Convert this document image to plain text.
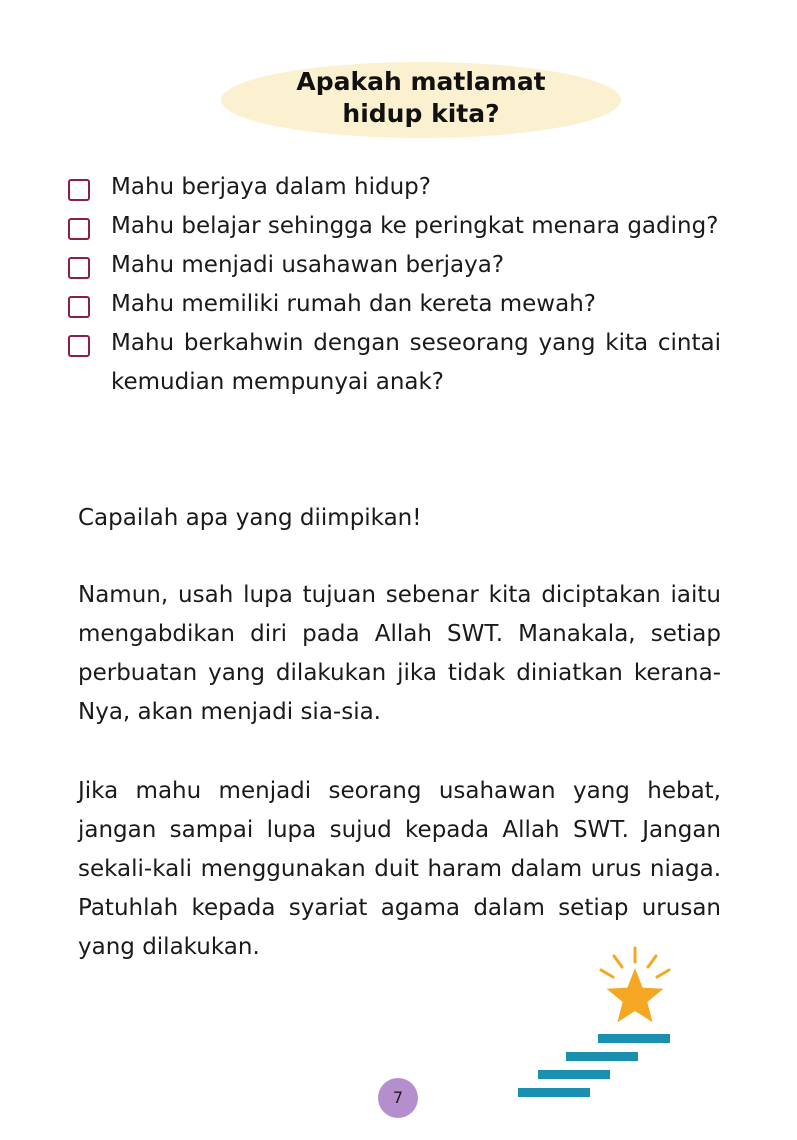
Apakah matlamat
hidup kita?
Mahu berjaya dalam hidup?
Mahu belajar sehingga ke peringkat menara gading?
Mahu menjadi usahawan berjaya?
Mahu memiliki rumah dan kereta mewah?
Mahu berkahwin dengan seseorang yang kita cintai kemudian mempunyai anak?

Capailah apa yang diimpikan!

Namun, usah lupa tujuan sebenar kita diciptakan iaitu mengabdikan diri pada Allah SWT. Manakala, setiap perbuatan yang dilakukan jika tidak diniatkan kerana-Nya, akan menjadi sia-sia.

Jika mahu menjadi seorang usahawan yang hebat, jangan sampai lupa sujud kepada Allah SWT. Jangan sekali-kali menggunakan duit haram dalam urus niaga. Patuhlah kepada syariat agama dalam setiap urusan yang dilakukan.

7
